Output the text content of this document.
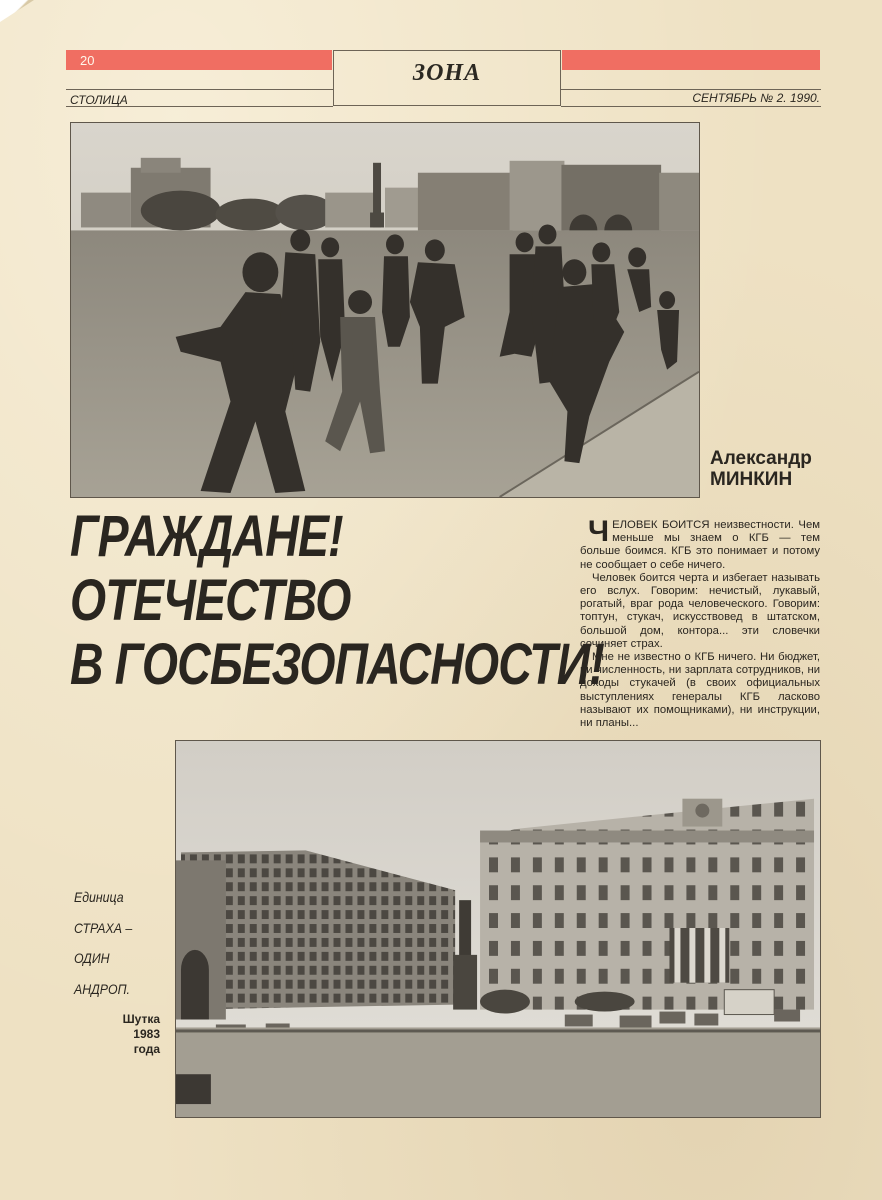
20	ЗОНА
СТОЛИЦА	СЕНТЯБРЬ № 2. 1990.
Александр
МИНКИН
ГРАЖДАНЕ!
ОТЕЧЕСТВО
В ГОСБЕЗОПАСНОСТИ!

ЧЕЛОВЕК БОИТСЯ неизвестности. Чем меньше мы знаем о КГБ — тем больше боимся. КГБ это понимает и потому не сообщает о себе ничего.

Человек боится черта и избегает называть его вслух. Говорим: нечистый, лукавый, рогатый, враг рода человеческого. Говорим: топтун, стукач, искусствовед в штатском, большой дом, контора... эти словечки сочиняет страх.

Мне не известно о КГБ ничего. Ни бюджет, ни численность, ни зарплата сотрудников, ни доходы стукачей (в своих официальных выступлениях генералы КГБ ласково называют их помощниками), ни инструкции, ни планы...

Единица
СТРАХА –
ОДИН
АНДРОП.
Шутка
1983
года
